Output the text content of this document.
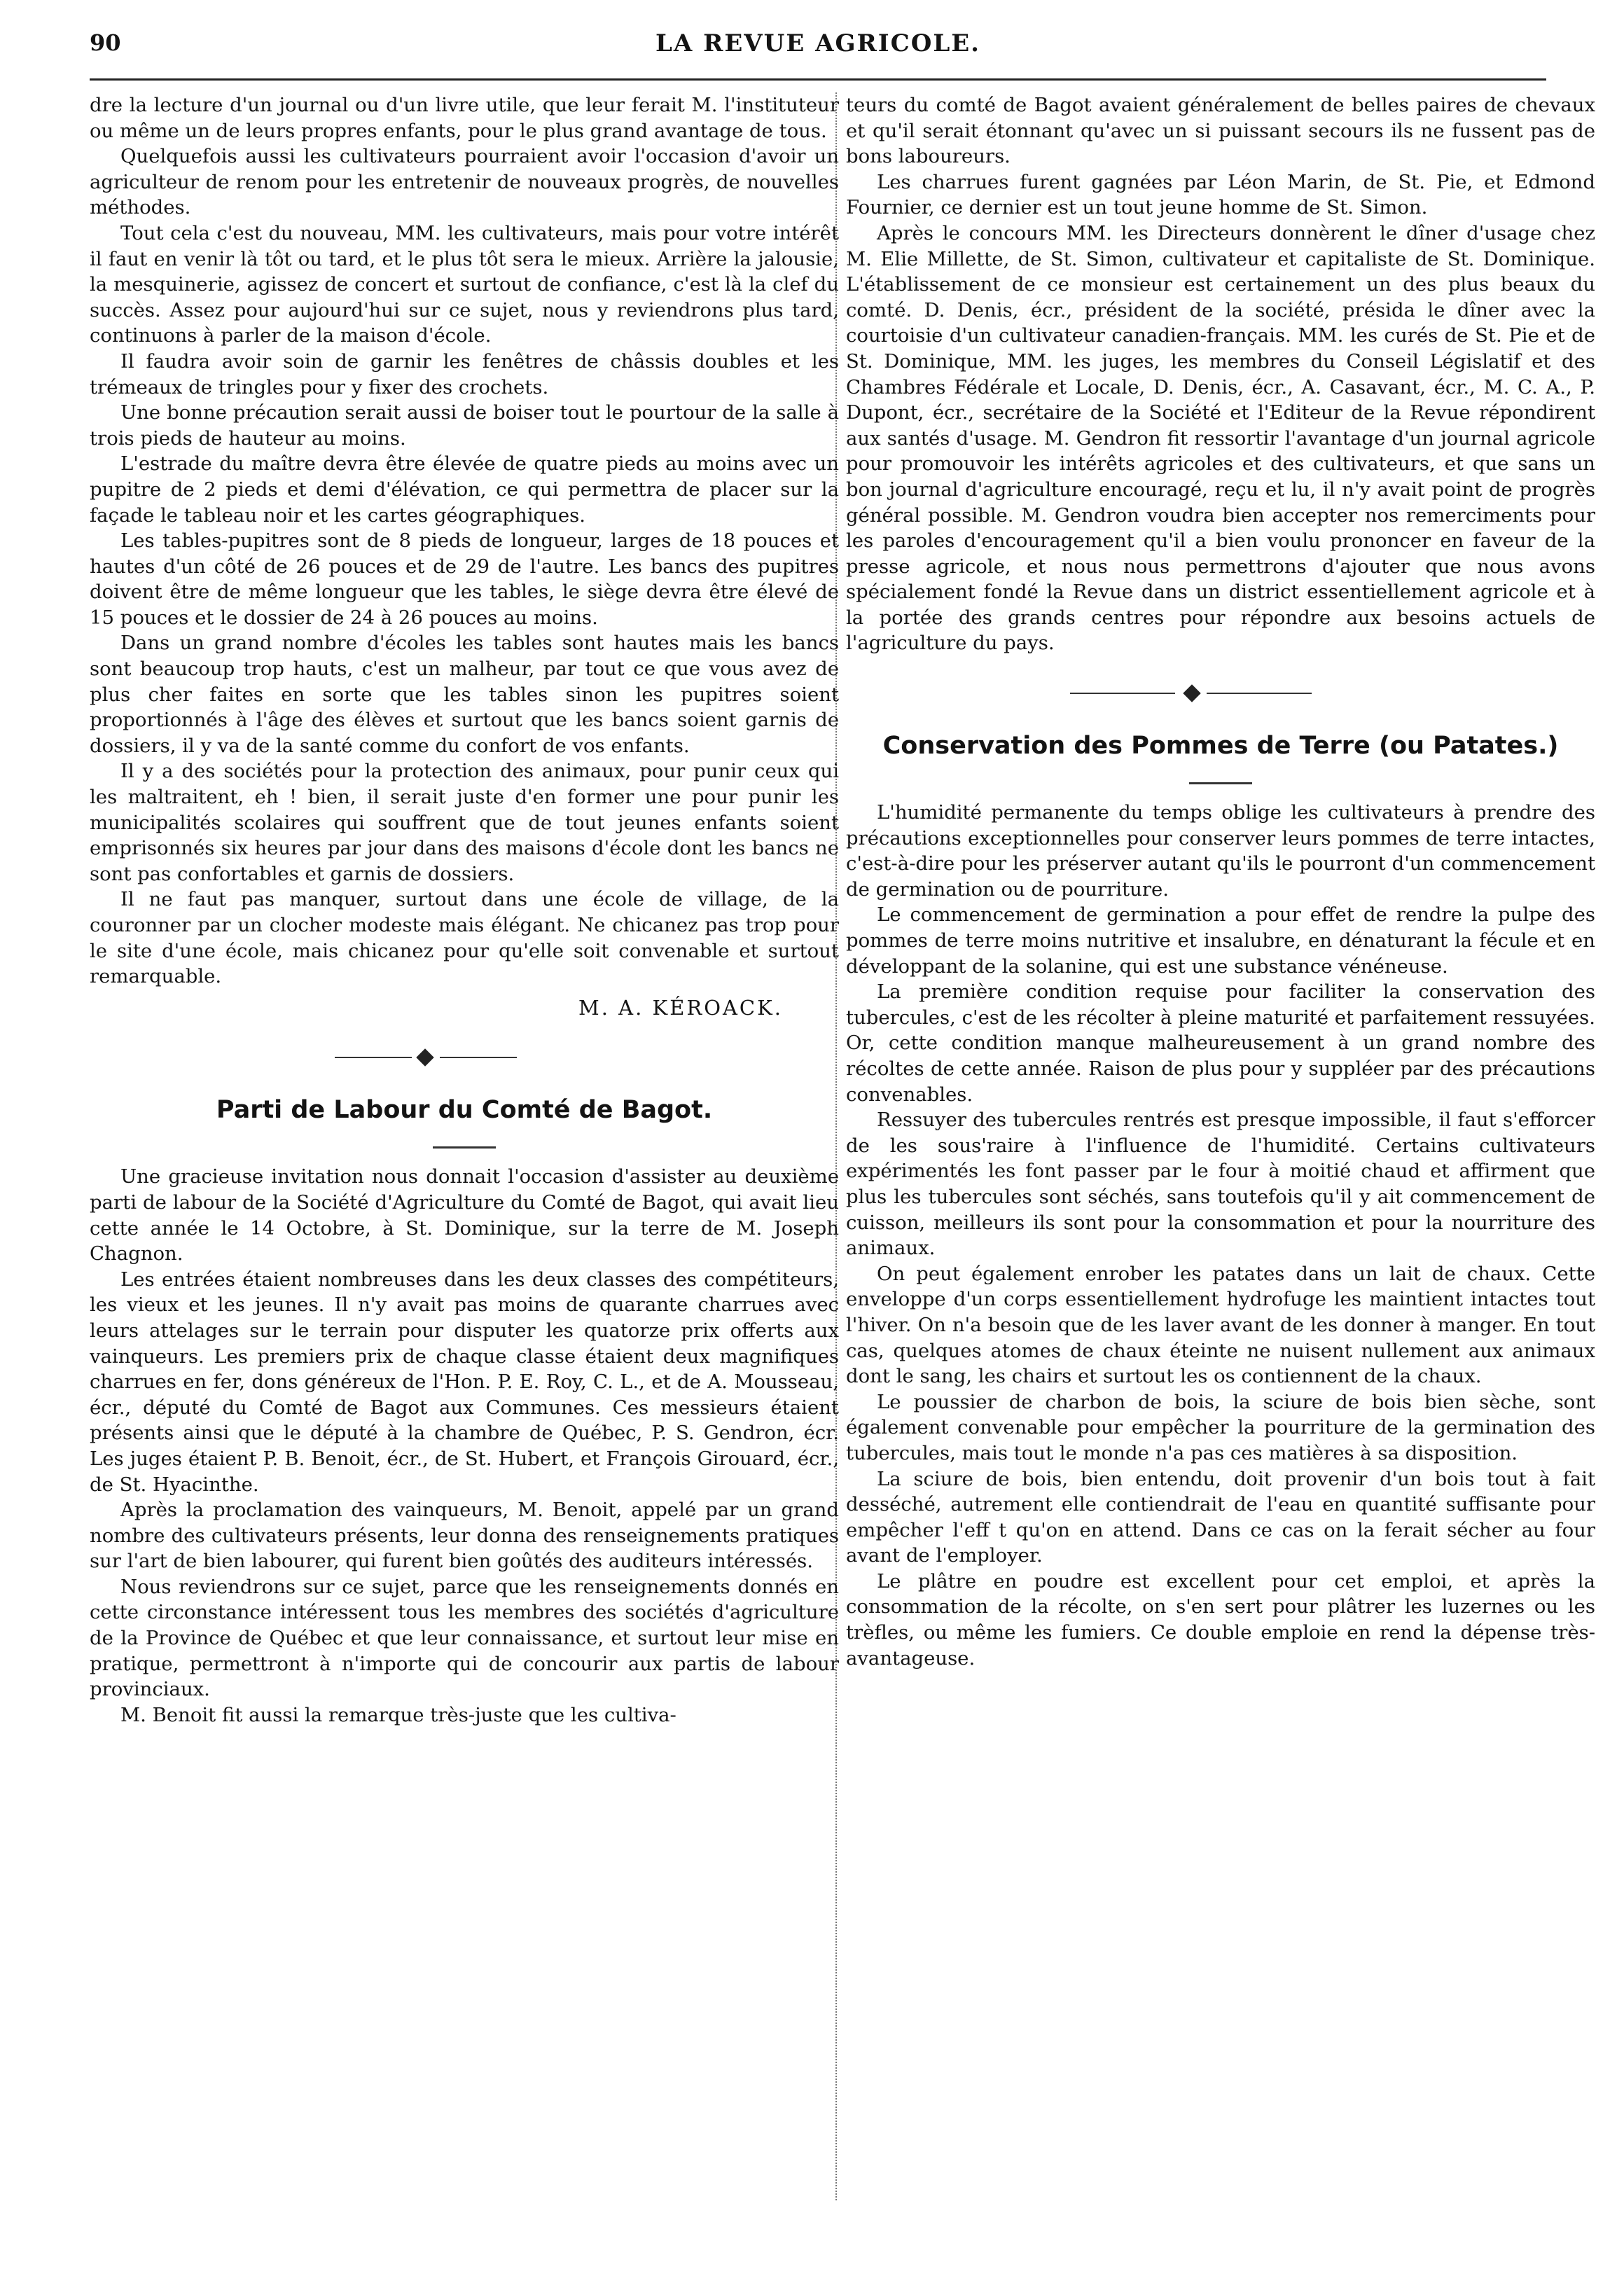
90	LA REVUE AGRICOLE.

dre la lecture d'un journal ou d'un livre utile, que leur ferait M. l'instituteur ou même un de leurs propres enfants, pour le plus grand avantage de tous.

Quelquefois aussi les cultivateurs pourraient avoir l'occasion d'avoir un agriculteur de renom pour les entretenir de nouveaux progrès, de nouvelles méthodes.

Tout cela c'est du nouveau, MM. les cultivateurs, mais pour votre intérêt il faut en venir là tôt ou tard, et le plus tôt sera le mieux. Arrière la jalousie, la mesquinerie, agissez de concert et surtout de confiance, c'est là la clef du succès. Assez pour aujourd'hui sur ce sujet, nous y reviendrons plus tard, continuons à parler de la maison d'école.

Il faudra avoir soin de garnir les fenêtres de châssis doubles et les trémeaux de tringles pour y fixer des crochets.

Une bonne précaution serait aussi de boiser tout le pourtour de la salle à trois pieds de hauteur au moins.

L'estrade du maître devra être élevée de quatre pieds au moins avec un pupitre de 2 pieds et demi d'élévation, ce qui permettra de placer sur la façade le tableau noir et les cartes géographiques.

Les tables-pupitres sont de 8 pieds de longueur, larges de 18 pouces et hautes d'un côté de 26 pouces et de 29 de l'autre. Les bancs des pupitres doivent être de même longueur que les tables, le siège devra être élevé de 15 pouces et le dossier de 24 à 26 pouces au moins.

Dans un grand nombre d'écoles les tables sont hautes mais les bancs sont beaucoup trop hauts, c'est un malheur, par tout ce que vous avez de plus cher faites en sorte que les tables sinon les pupitres soient proportionnés à l'âge des élèves et surtout que les bancs soient garnis de dossiers, il y va de la santé comme du confort de vos enfants.

Il y a des sociétés pour la protection des animaux, pour punir ceux qui les maltraitent, eh ! bien, il serait juste d'en former une pour punir les municipalités scolaires qui souffrent que de tout jeunes enfants soient emprisonnés six heures par jour dans des maisons d'école dont les bancs ne sont pas confortables et garnis de dossiers.

Il ne faut pas manquer, surtout dans une école de village, de la couronner par un clocher modeste mais élégant. Ne chicanez pas trop pour le site d'une école, mais chicanez pour qu'elle soit convenable et surtout remarquable.

M. A. KÉROACK.
Parti de Labour du Comté de Bagot.

Une gracieuse invitation nous donnait l'occasion d'assister au deuxième parti de labour de la Société d'Agriculture du Comté de Bagot, qui avait lieu cette année le 14 Octobre, à St. Dominique, sur la terre de M. Joseph Chagnon.

Les entrées étaient nombreuses dans les deux classes des compétiteurs, les vieux et les jeunes. Il n'y avait pas moins de quarante charrues avec leurs attelages sur le terrain pour disputer les quatorze prix offerts aux vainqueurs. Les premiers prix de chaque classe étaient deux magnifiques charrues en fer, dons généreux de l'Hon. P. E. Roy, C. L., et de A. Mousseau, écr., député du Comté de Bagot aux Communes. Ces messieurs étaient présents ainsi que le député à la chambre de Québec, P. S. Gendron, écr. Les juges étaient P. B. Benoit, écr., de St. Hubert, et François Girouard, écr., de St. Hyacinthe.

Après la proclamation des vainqueurs, M. Benoit, appelé par un grand nombre des cultivateurs présents, leur donna des renseignements pratiques sur l'art de bien labourer, qui furent bien goûtés des auditeurs intéressés.

Nous reviendrons sur ce sujet, parce que les renseignements donnés en cette circonstance intéressent tous les membres des sociétés d'agriculture de la Province de Québec et que leur connaissance, et surtout leur mise en pratique, permettront à n'importe qui de concourir aux partis de labour provinciaux.

M. Benoit fit aussi la remarque très-juste que les cultiva-

teurs du comté de Bagot avaient généralement de belles paires de chevaux et qu'il serait étonnant qu'avec un si puissant secours ils ne fussent pas de bons laboureurs.

Les charrues furent gagnées par Léon Marin, de St. Pie, et Edmond Fournier, ce dernier est un tout jeune homme de St. Simon.

Après le concours MM. les Directeurs donnèrent le dîner d'usage chez M. Elie Millette, de St. Simon, cultivateur et capitaliste de St. Dominique. L'établissement de ce monsieur est certainement un des plus beaux du comté. D. Denis, écr., président de la société, présida le dîner avec la courtoisie d'un cultivateur canadien-français. MM. les curés de St. Pie et de St. Dominique, MM. les juges, les membres du Conseil Législatif et des Chambres Fédérale et Locale, D. Denis, écr., A. Casavant, écr., M. C. A., P. Dupont, écr., secrétaire de la Société et l'Editeur de la Revue répondirent aux santés d'usage. M. Gendron fit ressortir l'avantage d'un journal agricole pour promouvoir les intérêts agricoles et des cultivateurs, et que sans un bon journal d'agriculture encouragé, reçu et lu, il n'y avait point de progrès général possible. M. Gendron voudra bien accepter nos remerciments pour les paroles d'encouragement qu'il a bien voulu prononcer en faveur de la presse agricole, et nous nous permettrons d'ajouter que nous avons spécialement fondé la Revue dans un district essentiellement agricole et à la portée des grands centres pour répondre aux besoins actuels de l'agriculture du pays.

Conservation des Pommes de Terre (ou Patates.)

L'humidité permanente du temps oblige les cultivateurs à prendre des précautions exceptionnelles pour conserver leurs pommes de terre intactes, c'est-à-dire pour les préserver autant qu'ils le pourront d'un commencement de germination ou de pourriture.

Le commencement de germination a pour effet de rendre la pulpe des pommes de terre moins nutritive et insalubre, en dénaturant la fécule et en développant de la solanine, qui est une substance vénéneuse.

La première condition requise pour faciliter la conservation des tubercules, c'est de les récolter à pleine maturité et parfaitement ressuyées. Or, cette condition manque malheureusement à un grand nombre des récoltes de cette année. Raison de plus pour y suppléer par des précautions convenables.

Ressuyer des tubercules rentrés est presque impossible, il faut s'efforcer de les sous'raire à l'influence de l'humidité. Certains cultivateurs expérimentés les font passer par le four à moitié chaud et affirment que plus les tubercules sont séchés, sans toutefois qu'il y ait commencement de cuisson, meilleurs ils sont pour la consommation et pour la nourriture des animaux.

On peut également enrober les patates dans un lait de chaux. Cette enveloppe d'un corps essentiellement hydrofuge les maintient intactes tout l'hiver. On n'a besoin que de les laver avant de les donner à manger. En tout cas, quelques atomes de chaux éteinte ne nuisent nullement aux animaux dont le sang, les chairs et surtout les os contiennent de la chaux.

Le poussier de charbon de bois, la sciure de bois bien sèche, sont également convenable pour empêcher la pourriture de la germination des tubercules, mais tout le monde n'a pas ces matières à sa disposition.

La sciure de bois, bien entendu, doit provenir d'un bois tout à fait desséché, autrement elle contiendrait de l'eau en quantité suffisante pour empêcher l'eff t qu'on en attend. Dans ce cas on la ferait sécher au four avant de l'employer.

Le plâtre en poudre est excellent pour cet emploi, et après la consommation de la récolte, on s'en sert pour plâtrer les luzernes ou les trèfles, ou même les fumiers. Ce double emploie en rend la dépense très-avantageuse.
